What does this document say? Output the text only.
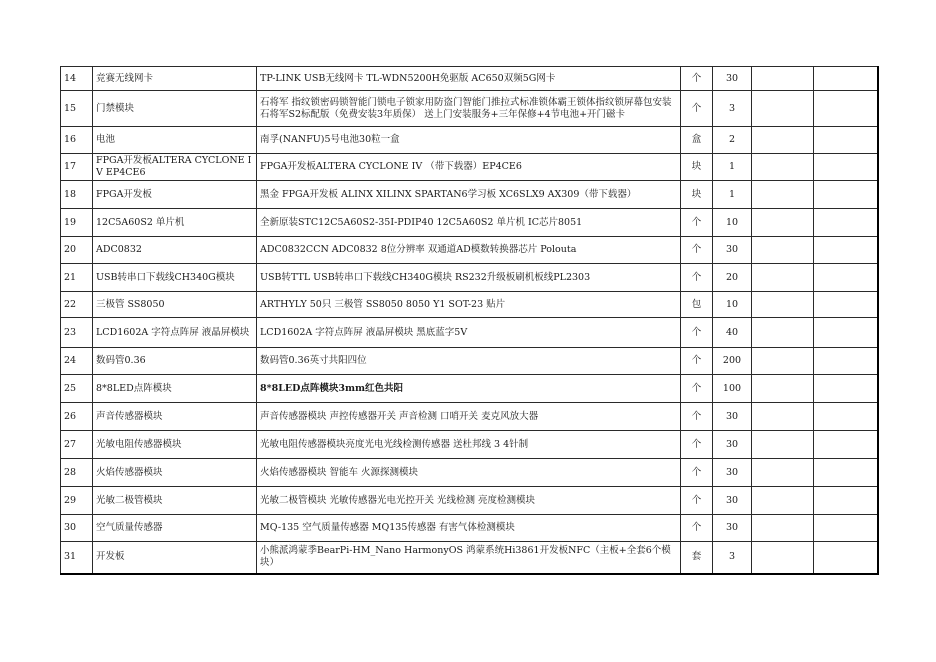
14	竞赛无线网卡	TP-LINK USB无线网卡 TL-WDN5200H免驱版 AC650双频5G网卡	个	30		
15	门禁模块	石将军 指纹锁密码锁智能门锁电子锁家用防盗门智能门推拉式标准锁体霸王锁体指纹锁屏幕包安装 石将军S2标配版（免费安装3年质保） 送上门安装服务+三年保修+4节电池+开门磁卡	个	3		
16	电池	南孚(NANFU)5号电池30粒一盒	盒	2		
17	FPGA开发板ALTERA CYCLONE IV EP4CE6	FPGA开发板ALTERA CYCLONE IV （带下载器）EP4CE6	块	1		
18	FPGA开发板	黑金 FPGA开发板 ALINX XILINX SPARTAN6学习板 XC6SLX9 AX309（带下载器）	块	1		
19	12C5A60S2 单片机	全新原装STC12C5A60S2-35I-PDIP40 12C5A60S2 单片机 IC芯片8051	个	10		
20	ADC0832	ADC0832CCN ADC0832 8位分辨率 双通道AD模数转换器芯片 Polouta	个	30		
21	USB转串口下载线CH340G模块	USB转TTL USB转串口下载线CH340G模块 RS232升级板刷机板线PL2303	个	20		
22	三极管 SS8050	ARTHYLY 50只 三极管 SS8050 8050 Y1 SOT-23 贴片	包	10		
23	LCD1602A 字符点阵屏 液晶屏模块	LCD1602A 字符点阵屏 液晶屏模块 黑底蓝字5V	个	40		
24	数码管0.36	数码管0.36英寸共阳四位	个	200		
25	8*8LED点阵模块	8*8LED点阵模块3mm红色共阳	个	100		
26	声音传感器模块	声音传感器模块 声控传感器开关 声音检测 口哨开关 麦克风放大器	个	30		
27	光敏电阻传感器模块	光敏电阻传感器模块亮度光电光线检测传感器 送杜邦线 3 4针制	个	30		
28	火焰传感器模块	火焰传感器模块 智能车 火源探测模块	个	30		
29	光敏二极管模块	光敏二极管模块 光敏传感器光电光控开关 光线检测 亮度检测模块	个	30		
30	空气质量传感器	MQ-135 空气质量传感器 MQ135传感器 有害气体检测模块	个	30		
31	开发板	小熊派鸿蒙季BearPi-HM_Nano HarmonyOS 鸿蒙系统Hi3861开发板NFC（主板+全套6个模块）	套	3		
